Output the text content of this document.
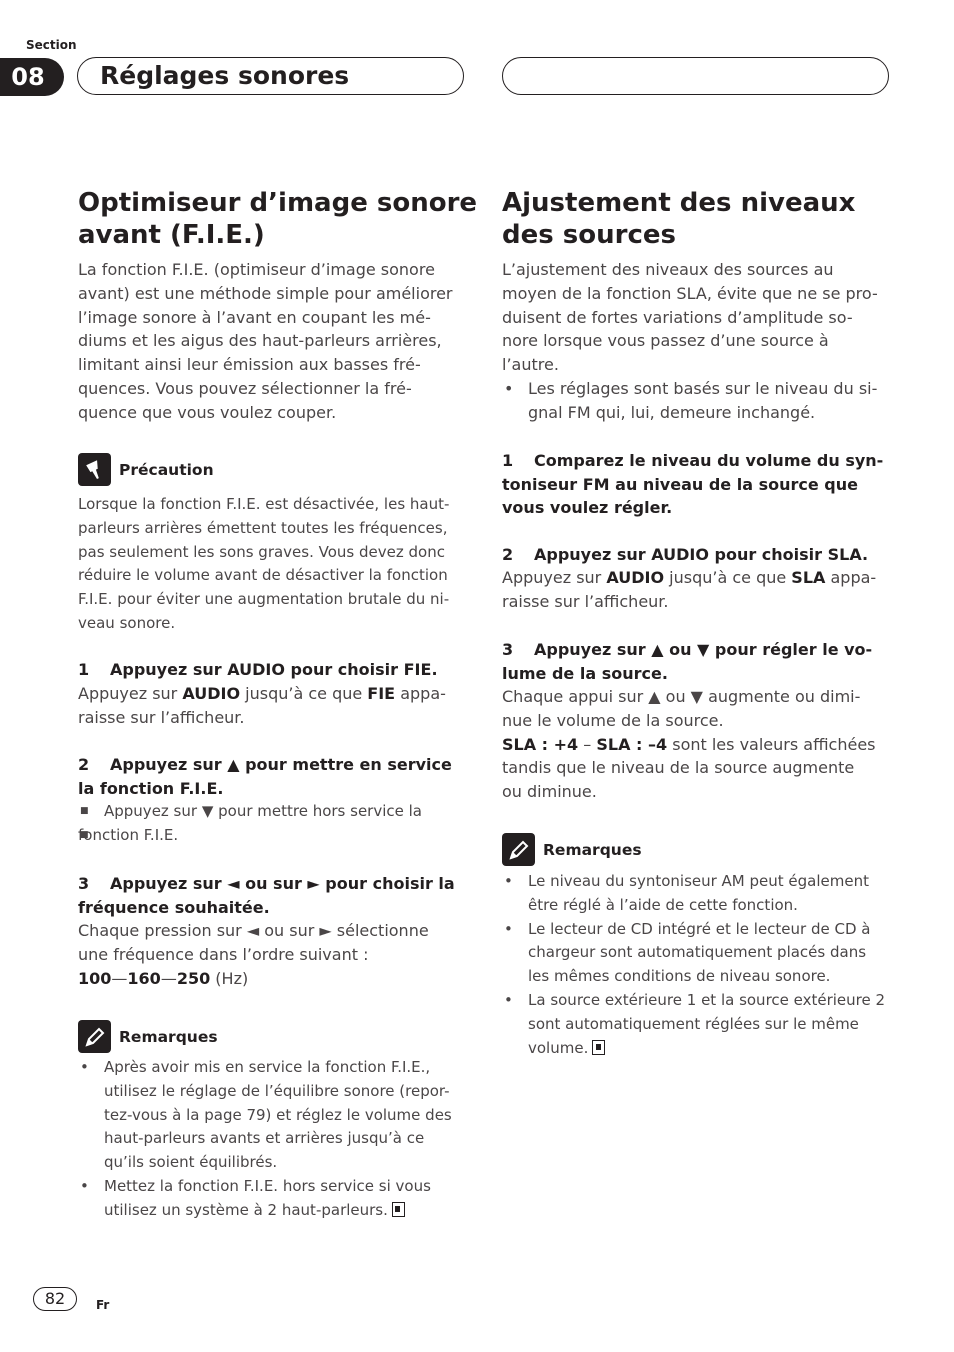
Section
08	Réglages sonores
Optimiseur d’image sonore
avant (F.I.E.)
La fonction F.I.E. (optimiseur d’image sonore
avant) est une méthode simple pour améliorer
l’image sonore à l’avant en coupant les mé-
diums et les aigus des haut-parleurs arrières,
limitant ainsi leur émission aux basses fré-
quences. Vous pouvez sélectionner la fré-
quence que vous voulez couper.
Précaution
Lorsque la fonction F.I.E. est désactivée, les haut-
parleurs arrières émettent toutes les fréquences,
pas seulement les sons graves. Vous devez donc
réduire le volume avant de désactiver la fonction
F.I.E. pour éviter une augmentation brutale du ni-
veau sonore.
1 Appuyez sur AUDIO pour choisir FIE.
Appuyez sur AUDIO jusqu’à ce que FIE appa-
raisse sur l’afficheur.
2 Appuyez sur ▲ pour mettre en service
la fonction F.I.E.
■ Appuyez sur ▼ pour mettre hors service la
■ fonction F.I.E.
3 Appuyez sur ◄ ou sur ► pour choisir la
fréquence souhaitée.
Chaque pression sur ◄ ou sur ► sélectionne
une fréquence dans l’ordre suivant :
100—160—250 (Hz)
Remarques
• Après avoir mis en service la fonction F.I.E.,
utilisez le réglage de l’équilibre sonore (repor-
tez-vous à la page 79) et réglez le volume des
haut-parleurs avants et arrières jusqu’à ce
qu’ils soient équilibrés.
• Mettez la fonction F.I.E. hors service si vous
utilisez un système à 2 haut-parleurs.
Ajustement des niveaux
des sources
L’ajustement des niveaux des sources au
moyen de la fonction SLA, évite que ne se pro-
duisent de fortes variations d’amplitude so-
nore lorsque vous passez d’une source à
l’autre.
• Les réglages sont basés sur le niveau du si-
gnal FM qui, lui, demeure inchangé.
1 Comparez le niveau du volume du syn-
toniseur FM au niveau de la source que
vous voulez régler.
2 Appuyez sur AUDIO pour choisir SLA.
Appuyez sur AUDIO jusqu’à ce que SLA appa-
raisse sur l’afficheur.
3 Appuyez sur ▲ ou ▼ pour régler le vo-
lume de la source.
Chaque appui sur ▲ ou ▼ augmente ou dimi-
nue le volume de la source.
SLA : +4 – SLA : –4 sont les valeurs affichées
tandis que le niveau de la source augmente
ou diminue.
Remarques
• Le niveau du syntoniseur AM peut également
être réglé à l’aide de cette fonction.
• Le lecteur de CD intégré et le lecteur de CD à
chargeur sont automatiquement placés dans
les mêmes conditions de niveau sonore.
• La source extérieure 1 et la source extérieure 2
sont automatiquement réglées sur le même
volume.
82	Fr
